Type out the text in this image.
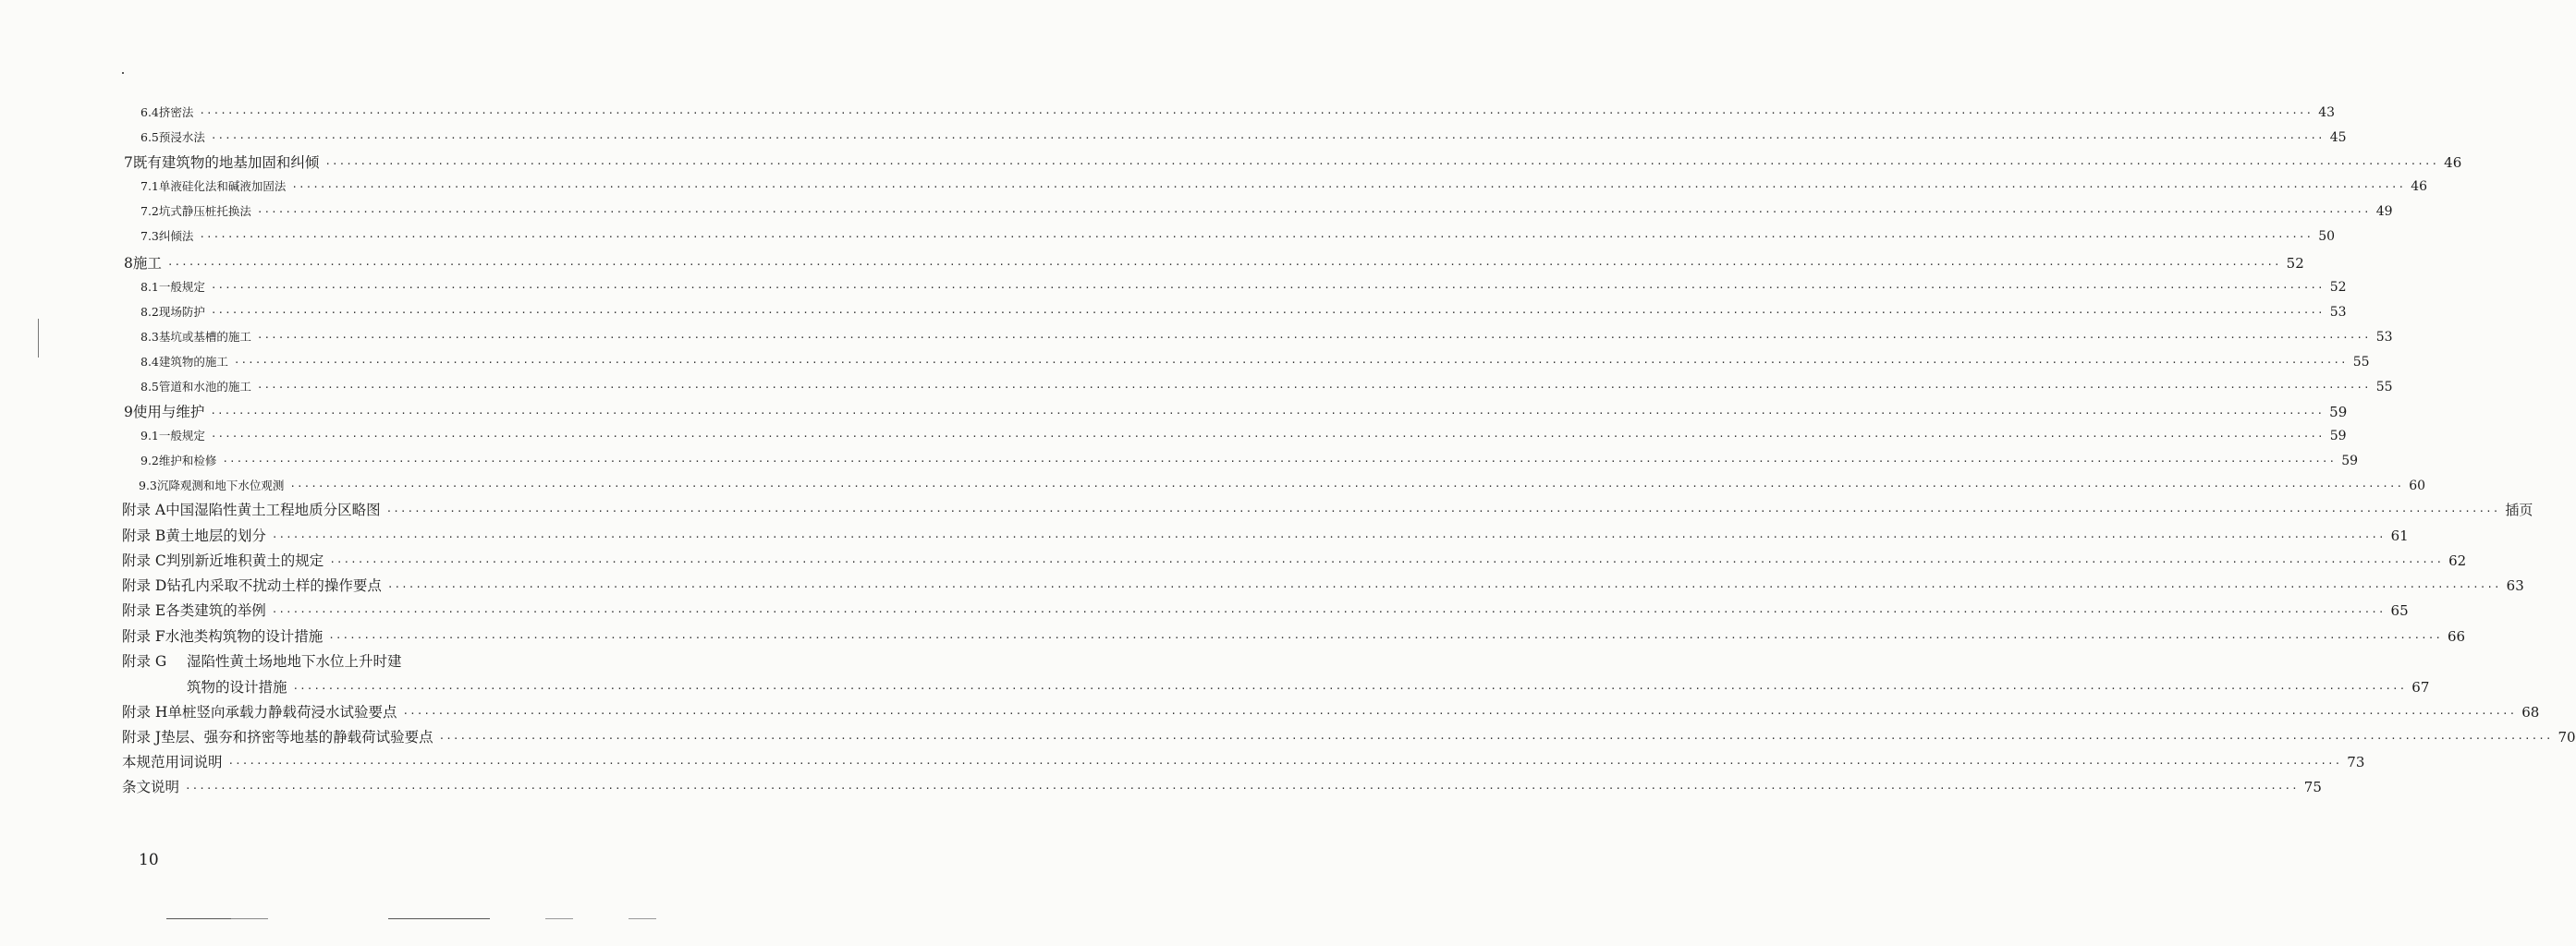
6.4 挤密法 ············································································································································································································································································································ 43
6.5 预浸水法 ············································································································································································································································································································ 45
7 既有建筑物的地基加固和纠倾 ············································································································································································································································································································ 46
7.1 单液硅化法和碱液加固法 ············································································································································································································································································································ 46
7.2 坑式静压桩托换法 ············································································································································································································································································································ 49
7.3 纠倾法 ············································································································································································································································································································ 50
8 施工 ············································································································································································································································································································ 52
8.1 一般规定 ············································································································································································································································································································ 52
8.2 现场防护 ············································································································································································································································································································ 53
8.3 基坑或基槽的施工 ············································································································································································································································································································ 53
8.4 建筑物的施工 ············································································································································································································································································································ 55
8.5 管道和水池的施工 ············································································································································································································································································································ 55
9 使用与维护 ············································································································································································································································································································ 59
9.1 一般规定 ············································································································································································································································································································ 59
9.2 维护和检修 ············································································································································································································································································································ 59
9.3 沉降观测和地下水位观测 ············································································································································································································································································································ 60
附录 A 中国湿陷性黄土工程地质分区略图 ············································································································································································································································································································ 插页
附录 B 黄土地层的划分 ············································································································································································································································································································ 61
附录 C 判别新近堆积黄土的规定 ············································································································································································································································································································ 62
附录 D 钻孔内采取不扰动土样的操作要点 ············································································································································································································································································································ 63
附录 E 各类建筑的举例 ············································································································································································································································································································ 65
附录 F 水池类构筑物的设计措施 ············································································································································································································································································································ 66
附录 G	湿陷性黄土场地地下水位上升时建
筑物的设计措施 ············································································································································································································································································································ 67
附录 H 单桩竖向承载力静载荷浸水试验要点 ············································································································································································································································································································ 68
附录 J 垫层、强夯和挤密等地基的静载荷试验要点 ············································································································································································································································································································ 70
本规范用词说明 ············································································································································································································································································································ 73
条文说明 ············································································································································································································································································································ 75
10
